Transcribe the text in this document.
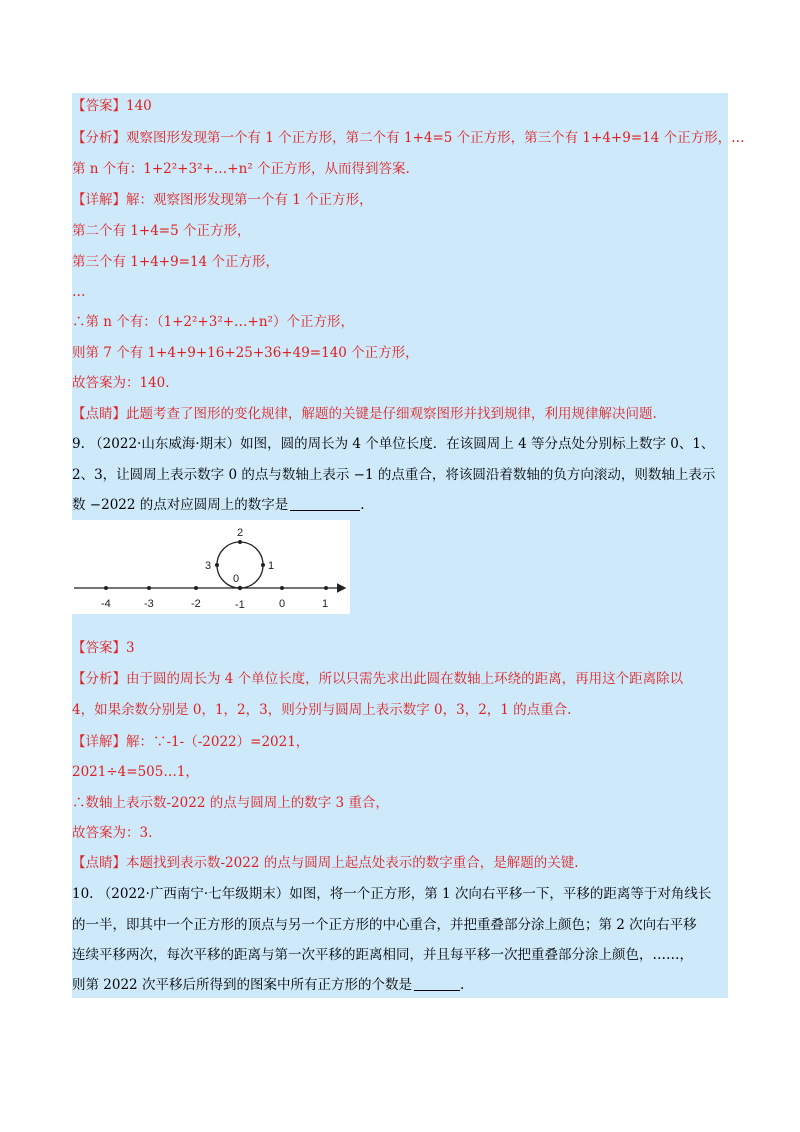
【答案】140
【分析】观察图形发现第一个有 1 个正方形，第二个有 1+4=5 个正方形，第三个有 1+4+9=14 个正方形，…
第 n 个有：1+2²+3²+…+n² 个正方形，从而得到答案.
【详解】解：观察图形发现第一个有 1 个正方形，
第二个有 1+4=5 个正方形，
第三个有 1+4+9=14 个正方形，
…
∴第 n 个有：（1+2²+3²+…+n²）个正方形，
则第 7 个有 1+4+9+16+25+36+49=140 个正方形，
故答案为：140.
【点睛】此题考查了图形的变化规律，解题的关键是仔细观察图形并找到规律，利用规律解决问题.
9. （2022·山东威海·期末）如图，圆的周长为 4 个单位长度．在该圆周上 4 等分点处分别标上数字 0、1、
2、3，让圆周上表示数字 0 的点与数轴上表示 −1 的点重合，将该圆沿着数轴的负方向滚动，则数轴上表示
数 −2022 的点对应圆周上的数字是	.
-4	-3	-2	-1	0	1
2
3	1
0
【答案】3
【分析】由于圆的周长为 4 个单位长度，所以只需先求出此圆在数轴上环绕的距离，再用这个距离除以
4，如果余数分别是 0，1，2，3，则分别与圆周上表示数字 0，3，2，1 的点重合.
【详解】解：∵-1-（-2022）=2021，
2021÷4=505…1，
∴数轴上表示数-2022 的点与圆周上的数字 3 重合，
故答案为：3.
【点睛】本题找到表示数-2022 的点与圆周上起点处表示的数字重合，是解题的关键.
10. （2022·广西南宁·七年级期末）如图，将一个正方形，第 1 次向右平移一下，平移的距离等于对角线长
的一半，即其中一个正方形的顶点与另一个正方形的中心重合，并把重叠部分涂上颜色；第 2 次向右平移
连续平移两次，每次平移的距离与第一次平移的距离相同，并且每平移一次把重叠部分涂上颜色，……，
则第 2022 次平移后所得到的图案中所有正方形的个数是	.
